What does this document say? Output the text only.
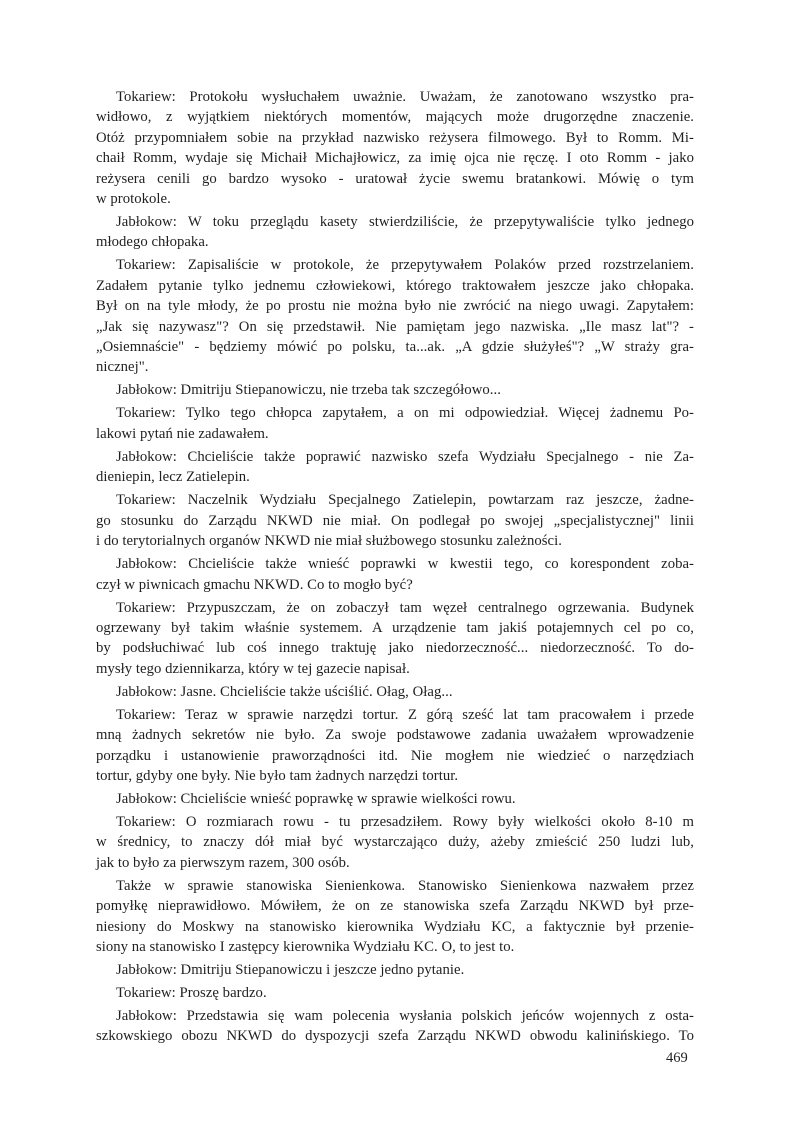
Tokariew: Protokołu wysłuchałem uważnie. Uważam, że zanotowano wszystko pra-
widłowo, z wyjątkiem niektórych momentów, mających może drugorzędne znaczenie.
Otóż przypomniałem sobie na przykład nazwisko reżysera filmowego. Był to Romm. Mi-
chaił Romm, wydaje się Michaił Michajłowicz, za imię ojca nie ręczę. I oto Romm - jako
reżysera cenili go bardzo wysoko - uratował życie swemu bratankowi. Mówię o tym
w protokole.

Jabłokow: W toku przeglądu kasety stwierdziliście, że przepytywaliście tylko jednego
młodego chłopaka.

Tokariew: Zapisaliście w protokole, że przepytywałem Polaków przed rozstrzelaniem.
Zadałem pytanie tylko jednemu człowiekowi, którego traktowałem jeszcze jako chłopaka.
Był on na tyle młody, że po prostu nie można było nie zwrócić na niego uwagi. Zapytałem:
„Jak się nazywasz"? On się przedstawił. Nie pamiętam jego nazwiska. „Ile masz lat"? -
„Osiemnaście" - będziemy mówić po polsku, ta...ak. „A gdzie służyłeś"? „W straży gra-
nicznej".

Jabłokow: Dmitriju Stiepanowiczu, nie trzeba tak szczegółowo...

Tokariew: Tylko tego chłopca zapytałem, a on mi odpowiedział. Więcej żadnemu Po-
lakowi pytań nie zadawałem.

Jabłokow: Chcieliście także poprawić nazwisko szefa Wydziału Specjalnego - nie Za-
dieniepin, lecz Zatielepin.

Tokariew: Naczelnik Wydziału Specjalnego Zatielepin, powtarzam raz jeszcze, żadne-
go stosunku do Zarządu NKWD nie miał. On podlegał po swojej „specjalistycznej" linii
i do terytorialnych organów NKWD nie miał służbowego stosunku zależności.

Jabłokow: Chcieliście także wnieść poprawki w kwestii tego, co korespondent zoba-
czył w piwnicach gmachu NKWD. Co to mogło być?

Tokariew: Przypuszczam, że on zobaczył tam węzeł centralnego ogrzewania. Budynek
ogrzewany był takim właśnie systemem. A urządzenie tam jakiś potajemnych cel po co,
by podsłuchiwać lub coś innego traktuję jako niedorzeczność... niedorzeczność. To do-
mysły tego dziennikarza, który w tej gazecie napisał.

Jabłokow: Jasne. Chcieliście także uściślić. Ołag, Ołag...

Tokariew: Teraz w sprawie narzędzi tortur. Z górą sześć lat tam pracowałem i przede
mną żadnych sekretów nie było. Za swoje podstawowe zadania uważałem wprowadzenie
porządku i ustanowienie praworządności itd. Nie mogłem nie wiedzieć o narzędziach
tortur, gdyby one były. Nie było tam żadnych narzędzi tortur.

Jabłokow: Chcieliście wnieść poprawkę w sprawie wielkości rowu.

Tokariew: O rozmiarach rowu - tu przesadziłem. Rowy były wielkości około 8-10 m
w średnicy, to znaczy dół miał być wystarczająco duży, ażeby zmieścić 250 ludzi lub,
jak to było za pierwszym razem, 300 osób.

Także w sprawie stanowiska Sienienkowa. Stanowisko Sienienkowa nazwałem przez
pomyłkę nieprawidłowo. Mówiłem, że on ze stanowiska szefa Zarządu NKWD był prze-
niesiony do Moskwy na stanowisko kierownika Wydziału KC, a faktycznie był przenie-
siony na stanowisko I zastępcy kierownika Wydziału KC. O, to jest to.

Jabłokow: Dmitriju Stiepanowiczu i jeszcze jedno pytanie.

Tokariew: Proszę bardzo.

Jabłokow: Przedstawia się wam polecenia wysłania polskich jeńców wojennych z osta-
szkowskiego obozu NKWD do dyspozycji szefa Zarządu NKWD obwodu kalinińskiego. To

469
